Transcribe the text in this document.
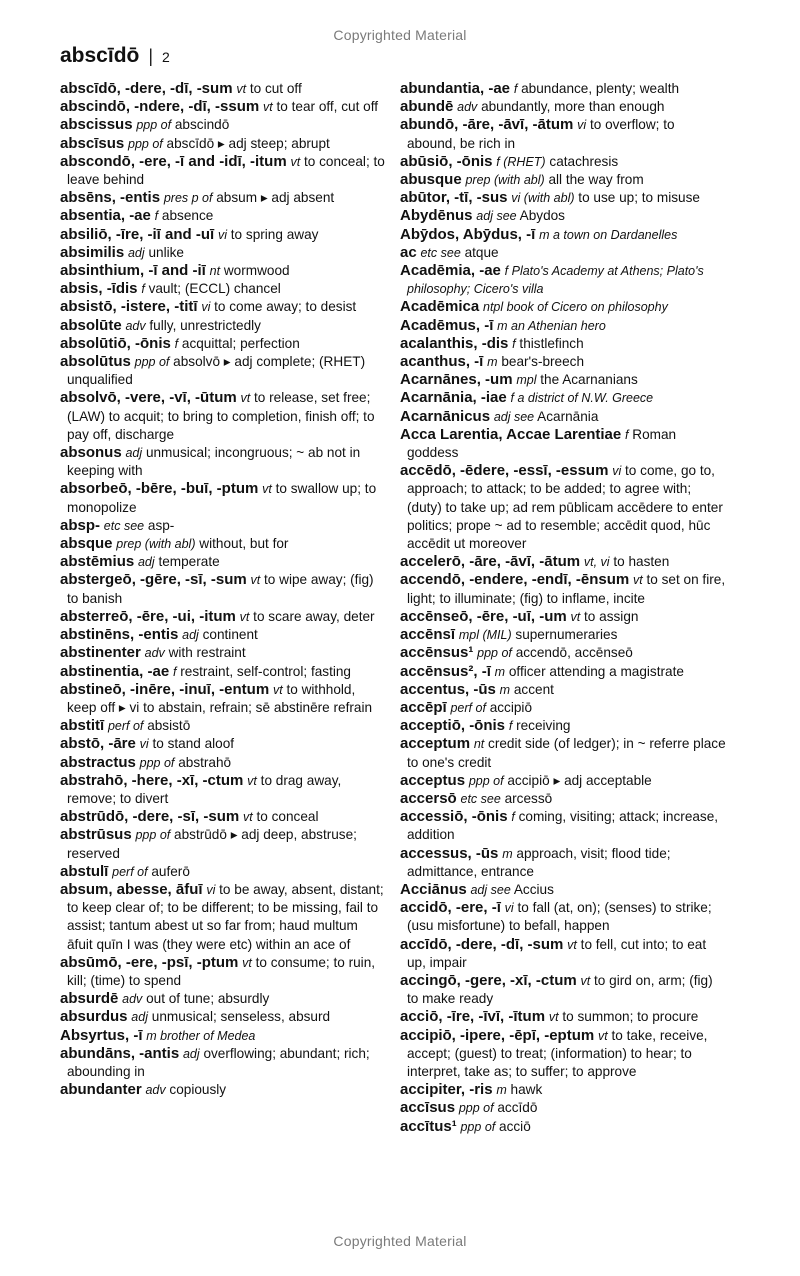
Copyrighted Material
abscīdō | 2

abscīdō, -dere, -dī, -sum vt to cut off

abscindō, -ndere, -dī, -ssum vt to tear off, cut off

abscissus ppp of abscindō

abscīsus ppp of abscīdō ▸ adj steep; abrupt

abscondō, -ere, -ī and -idī, -itum vt to conceal; to leave behind

absēns, -entis pres p of absum ▸ adj absent

absentia, -ae f absence

absiliō, -īre, -iī and -uī vi to spring away

absimilis adj unlike

absinthium, -ī and -iī nt wormwood

absis, -īdis f vault; (ECCL) chancel

absistō, -istere, -titī vi to come away; to desist

absolūte adv fully, unrestrictedly

absolūtiō, -ōnis f acquittal; perfection

absolūtus ppp of absolvō ▸ adj complete; (RHET) unqualified

absolvō, -vere, -vī, -ūtum vt to release, set free; (LAW) to acquit; to bring to completion, finish off; to pay off, discharge

absonus adj unmusical; incongruous; ~ ab not in keeping with

absorbeō, -bēre, -buī, -ptum vt to swallow up; to monopolize

absp- etc see asp-

absque prep (with abl) without, but for

abstēmius adj temperate

abstergeō, -gēre, -sī, -sum vt to wipe away; (fig) to banish

absterreō, -ēre, -ui, -itum vt to scare away, deter

abstinēns, -entis adj continent

abstinenter adv with restraint

abstinentia, -ae f restraint, self-control; fasting

abstineō, -inēre, -inuī, -entum vt to withhold, keep off ▸ vi to abstain, refrain; sē abstinēre refrain

abstitī perf of absistō

abstō, -āre vi to stand aloof

abstractus ppp of abstrahō

abstrahō, -here, -xī, -ctum vt to drag away, remove; to divert

abstrūdō, -dere, -sī, -sum vt to conceal

abstrūsus ppp of abstrūdō ▸ adj deep, abstruse; reserved

abstulī perf of auferō

absum, abesse, āfuī vi to be away, absent, distant; to keep clear of; to be different; to be missing, fail to assist; tantum abest ut so far from; haud multum āfuit quīn I was (they were etc) within an ace of

absūmō, -ere, -psī, -ptum vt to consume; to ruin, kill; (time) to spend

absurdē adv out of tune; absurdly

absurdus adj unmusical; senseless, absurd

Absyrtus, -ī m brother of Medea

abundāns, -antis adj overflowing; abundant; rich; abounding in

abundanter adv copiously

abundantia, -ae f abundance, plenty; wealth

abundē adv abundantly, more than enough

abundō, -āre, -āvī, -ātum vi to overflow; to abound, be rich in

abūsiō, -ōnis f (RHET) catachresis

abusque prep (with abl) all the way from

abūtor, -tī, -sus vi (with abl) to use up; to misuse

Abydēnus adj see Abydos

Abȳdos, Abȳdus, -ī m a town on Dardanelles

ac etc see atque

Acadēmia, -ae f Plato's Academy at Athens; Plato's philosophy; Cicero's villa

Acadēmica ntpl book of Cicero on philosophy

Acadēmus, -ī m an Athenian hero

acalanthis, -dis f thistlefinch

acanthus, -ī m bear's-breech

Acarnānes, -um mpl the Acarnanians

Acarnānia, -iae f a district of N.W. Greece

Acarnānicus adj see Acarnānia

Acca Larentia, Accae Larentiae f Roman goddess

accēdō, -ēdere, -essī, -essum vi to come, go to, approach; to attack; to be added; to agree with; (duty) to take up; ad rem pūblicam accēdere to enter politics; prope ~ ad to resemble; accēdit quod, hūc accēdit ut moreover

accelerō, -āre, -āvī, -ātum vt, vi to hasten

accendō, -endere, -endī, -ēnsum vt to set on fire, light; to illuminate; (fig) to inflame, incite

accēnseō, -ēre, -uī, -um vt to assign

accēnsī mpl (MIL) supernumeraries

accēnsus¹ ppp of accendō, accēnseō

accēnsus², -ī m officer attending a magistrate

accentus, -ūs m accent

accēpī perf of accipiō

acceptiō, -ōnis f receiving

acceptum nt credit side (of ledger); in ~ referre place to one's credit

acceptus ppp of accipiō ▸ adj acceptable

accersō etc see arcessō

accessiō, -ōnis f coming, visiting; attack; increase, addition

accessus, -ūs m approach, visit; flood tide; admittance, entrance

Acciānus adj see Accius

accidō, -ere, -ī vi to fall (at, on); (senses) to strike; (usu misfortune) to befall, happen

accīdō, -dere, -dī, -sum vt to fell, cut into; to eat up, impair

accingō, -gere, -xī, -ctum vt to gird on, arm; (fig) to make ready

acciō, -īre, -īvī, -ītum vt to summon; to procure

accipiō, -ipere, -ēpī, -eptum vt to take, receive, accept; (guest) to treat; (information) to hear; to interpret, take as; to suffer; to approve

accipiter, -ris m hawk

accīsus ppp of accīdō

accītus¹ ppp of acciō

Copyrighted Material
